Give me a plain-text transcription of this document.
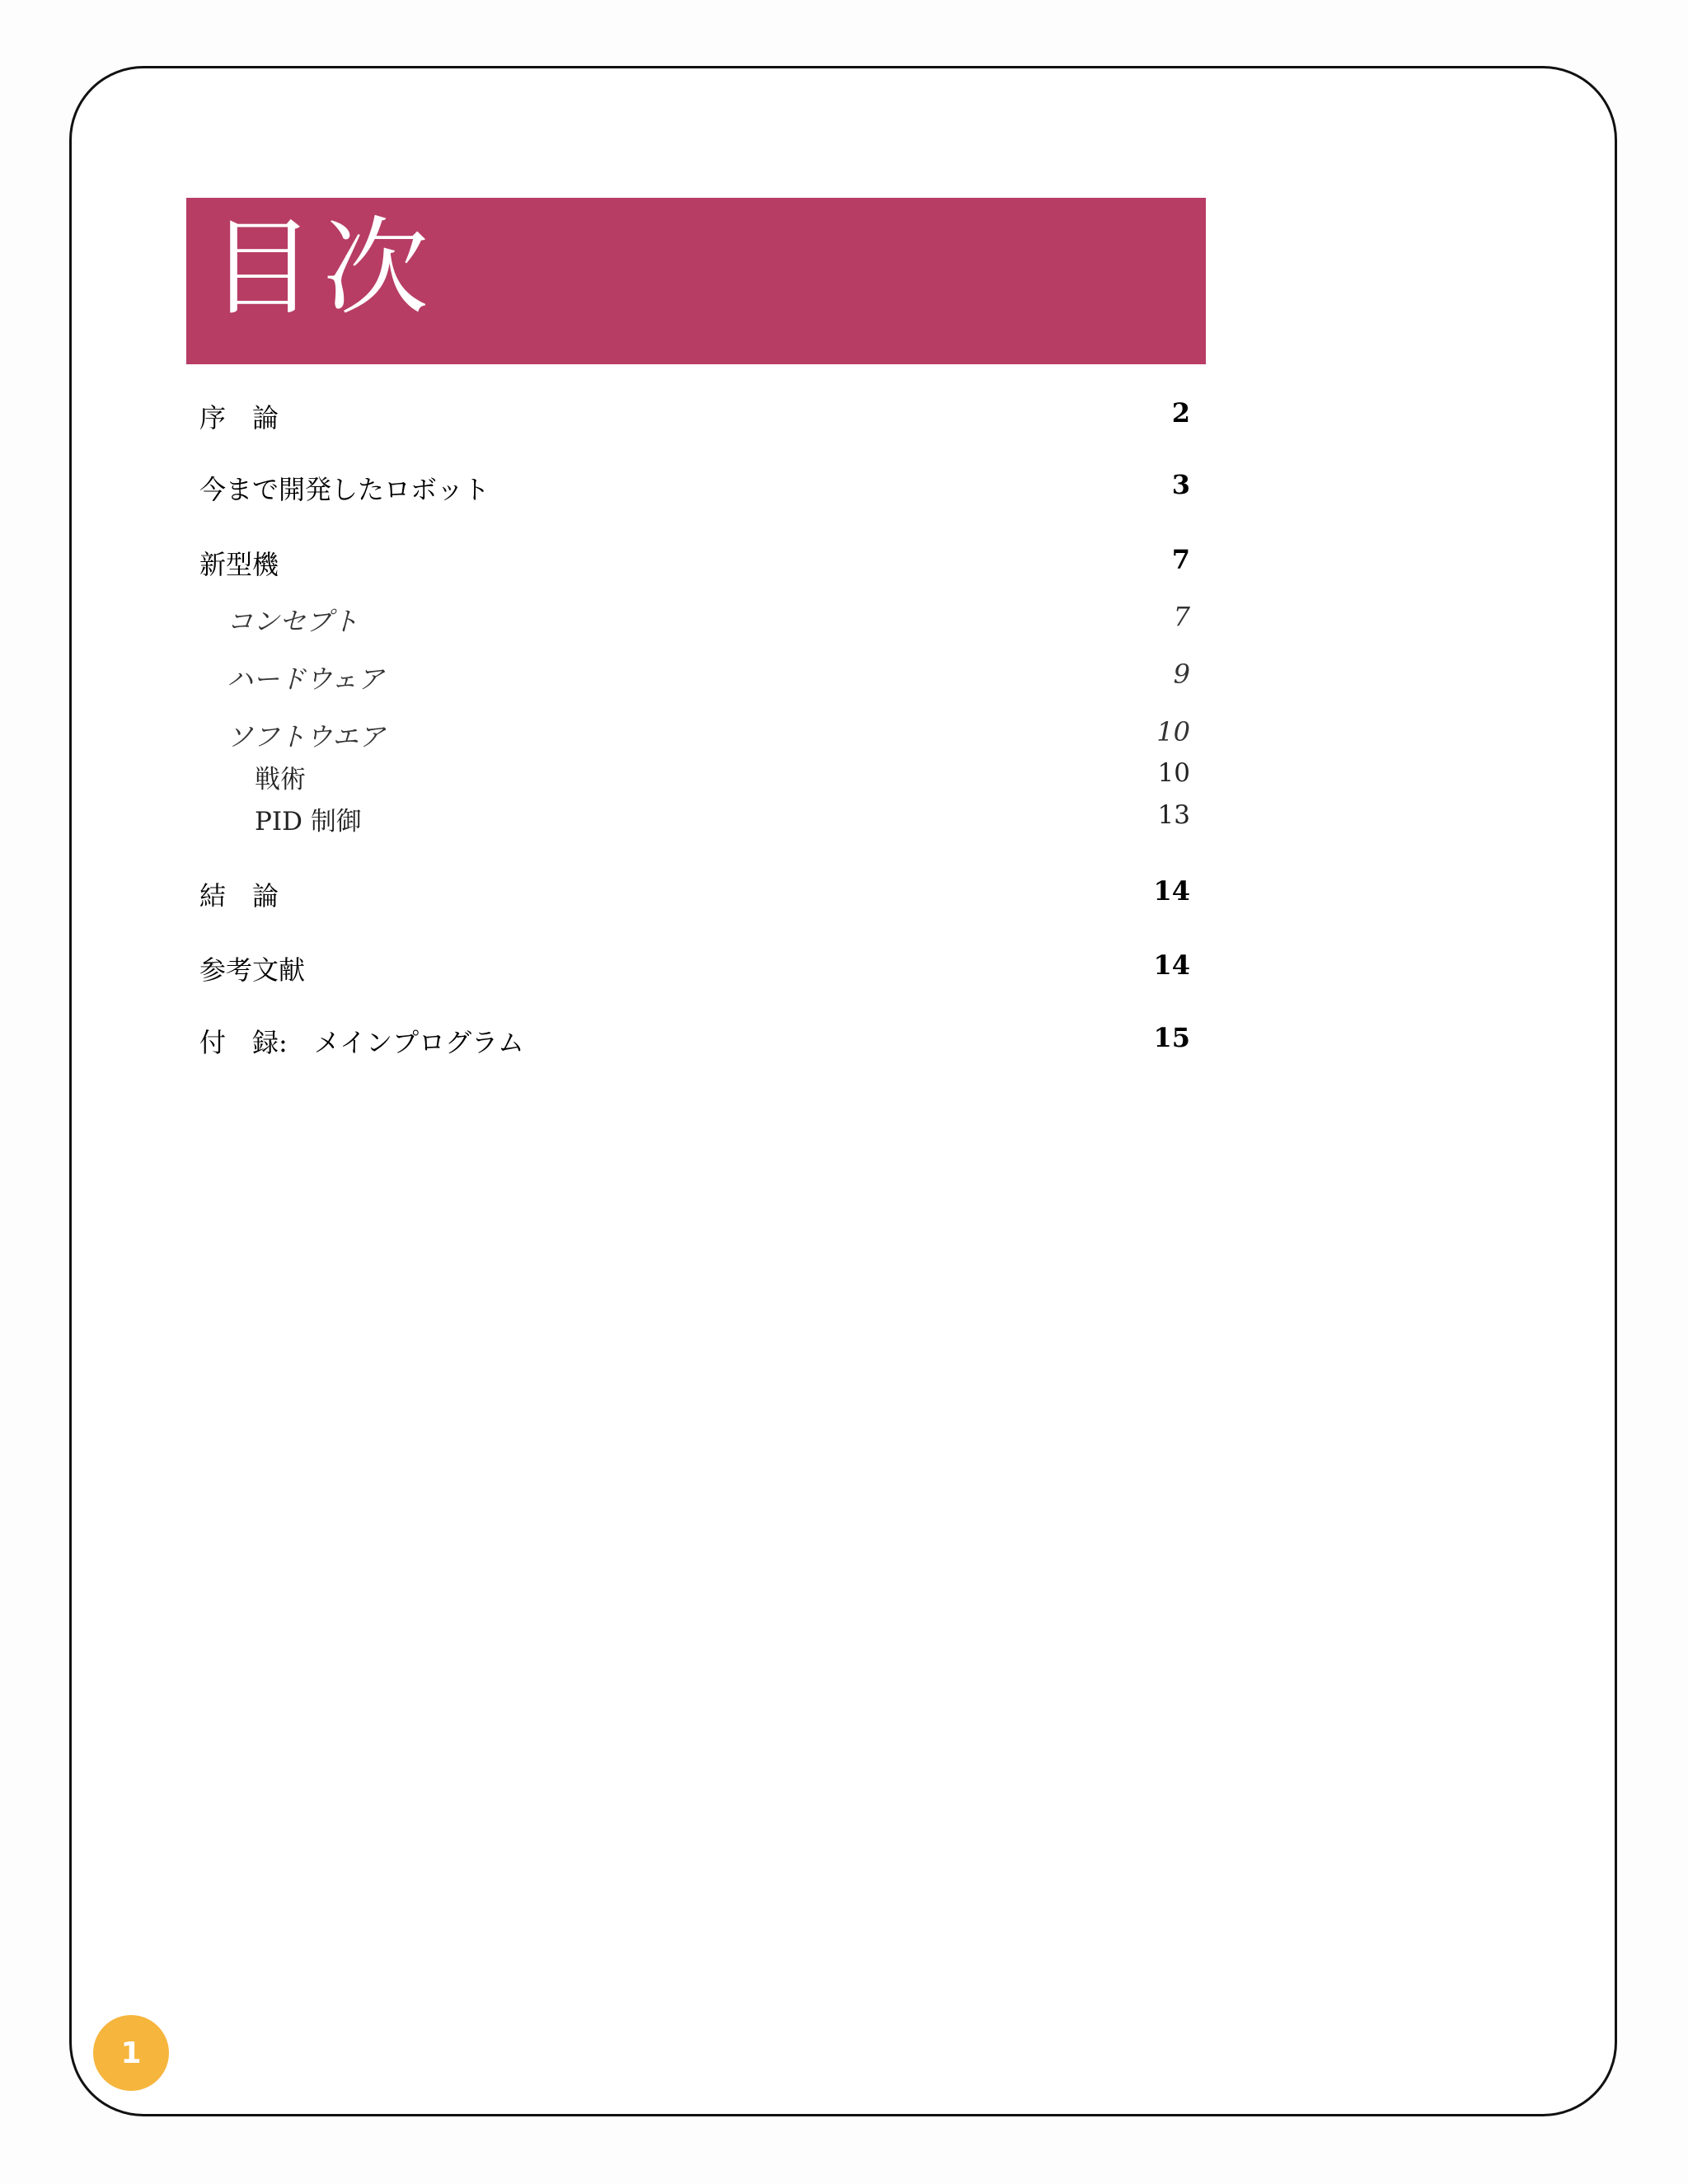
目次
序　論	2
今まで開発したロボット	3
新型機	7
コンセプト	7
ハードウェア	9
ソフトウエア	10
戦術	10
PID 制御	13
結　論	14
参考文献	14
付　録:　メインプログラム	15
1
